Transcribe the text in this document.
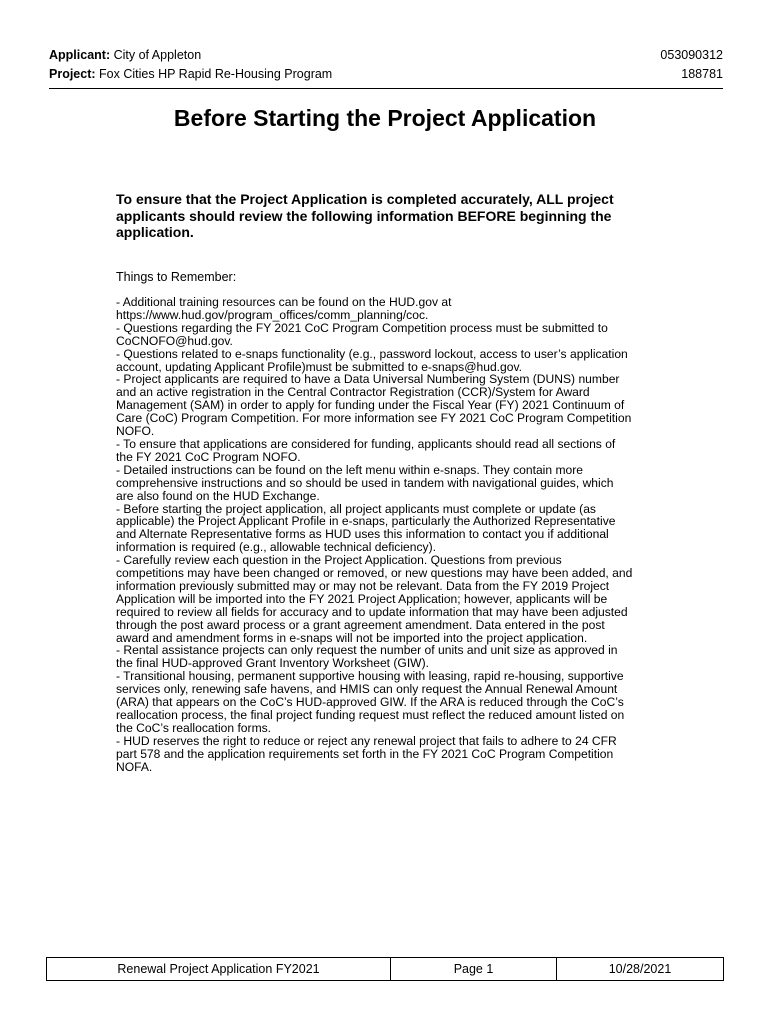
Applicant: City of Appleton	053090312
Project: Fox Cities HP Rapid Re-Housing Program	188781
Before Starting the Project Application

To ensure that the Project Application is completed accurately, ALL project applicants should review the following information BEFORE beginning the application.

Things to Remember:

- Additional training resources can be found on the HUD.gov at
https://www.hud.gov/program_offices/comm_planning/coc.
- Questions regarding the FY 2021 CoC Program Competition process must be submitted to
CoCNOFO@hud.gov.
- Questions related to e-snaps functionality (e.g., password lockout, access to user’s application
account, updating Applicant Profile)must be submitted to e-snaps@hud.gov.
- Project applicants are required to have a Data Universal Numbering System (DUNS) number
and an active registration in the Central Contractor Registration (CCR)/System for Award
Management (SAM) in order to apply for funding under the Fiscal Year (FY) 2021 Continuum of
Care (CoC) Program Competition. For more information see FY 2021 CoC Program Competition
NOFO.
- To ensure that applications are considered for funding, applicants should read all sections of
the FY 2021 CoC Program NOFO.
- Detailed instructions can be found on the left menu within e-snaps. They contain more
comprehensive instructions and so should be used in tandem with navigational guides, which
are also found on the HUD Exchange.
- Before starting the project application, all project applicants must complete or update (as
applicable) the Project Applicant Profile in e-snaps, particularly the Authorized Representative
and Alternate Representative forms as HUD uses this information to contact you if additional
information is required (e.g., allowable technical deficiency).
- Carefully review each question in the Project Application. Questions from previous
competitions may have been changed or removed, or new questions may have been added, and
information previously submitted may or may not be relevant. Data from the FY 2019 Project
Application will be imported into the FY 2021 Project Application; however, applicants will be
required to review all fields for accuracy and to update information that may have been adjusted
through the post award process or a grant agreement amendment. Data entered in the post
award and amendment forms in e-snaps will not be imported into the project application.
- Rental assistance projects can only request the number of units and unit size as approved in
the final HUD-approved Grant Inventory Worksheet (GIW).
- Transitional housing, permanent supportive housing with leasing, rapid re-housing, supportive
services only, renewing safe havens, and HMIS can only request the Annual Renewal Amount
(ARA) that appears on the CoC’s HUD-approved GIW. If the ARA is reduced through the CoC’s
reallocation process, the final project funding request must reflect the reduced amount listed on
the CoC’s reallocation forms.
- HUD reserves the right to reduce or reject any renewal project that fails to adhere to 24 CFR
part 578 and the application requirements set forth in the FY 2021 CoC Program Competition
NOFA.
Renewal Project Application FY2021	Page 1	10/28/2021
